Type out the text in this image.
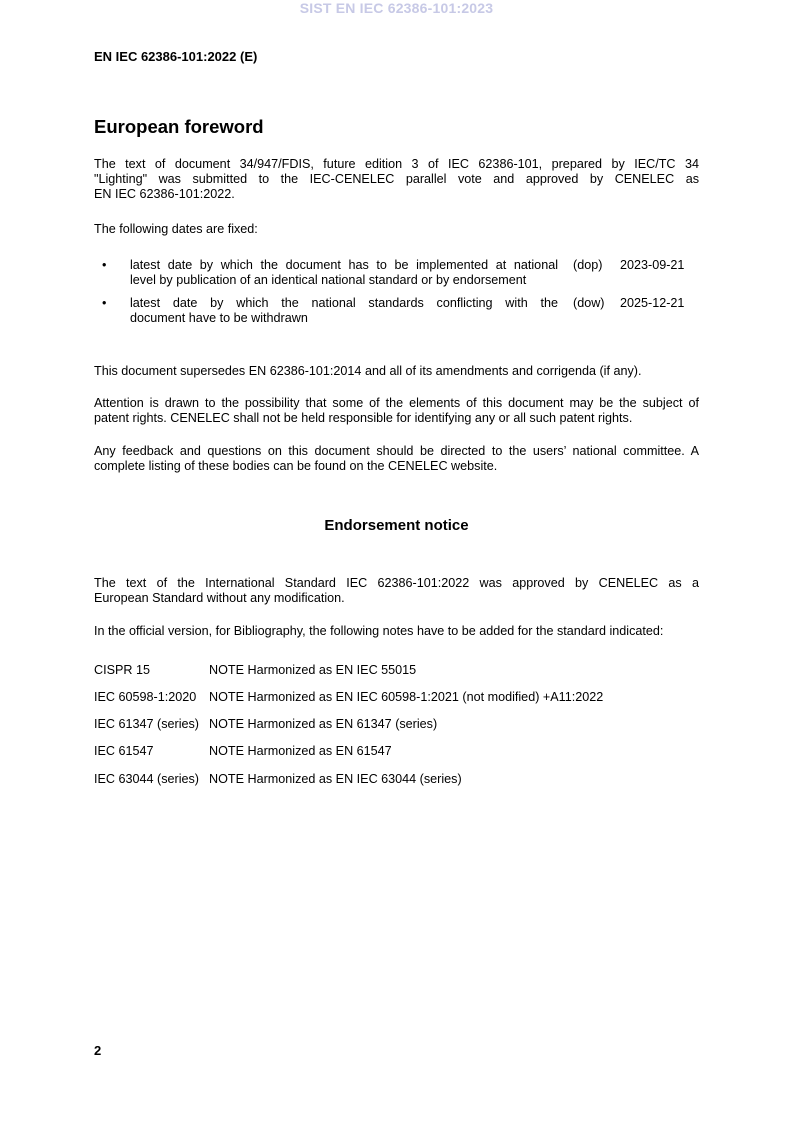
SIST EN IEC 62386-101:2023
EN IEC 62386-101:2022 (E)
European foreword
The text of document 34/947/FDIS, future edition 3 of IEC 62386-101, prepared by IEC/TC 34
"Lighting" was submitted to the IEC-CENELEC parallel vote and approved by CENELEC as
EN IEC 62386-101:2022.
The following dates are fixed:
• latest date by which the document has to be implemented at national
level by publication of an identical national standard or by endorsement
(dop) 2023-09-21
• latest date by which the national standards conflicting with the
document have to be withdrawn
(dow) 2025-12-21
This document supersedes EN 62386-101:2014 and all of its amendments and corrigenda (if any).
Attention is drawn to the possibility that some of the elements of this document may be the subject of
patent rights. CENELEC shall not be held responsible for identifying any or all such patent rights.
Any feedback and questions on this document should be directed to the users’ national committee. A
complete listing of these bodies can be found on the CENELEC website.
Endorsement notice
The text of the International Standard IEC 62386-101:2022 was approved by CENELEC as a
European Standard without any modification.
In the official version, for Bibliography, the following notes have to be added for the standard indicated:
CISPR 15	NOTE Harmonized as EN IEC 55015
IEC 60598-1:2020 NOTE Harmonized as EN IEC 60598-1:2021 (not modified) +A11:2022
IEC 61347 (series) NOTE Harmonized as EN 61347 (series)
IEC 61547	NOTE Harmonized as EN 61547
IEC 63044 (series) NOTE Harmonized as EN IEC 63044 (series)
2
